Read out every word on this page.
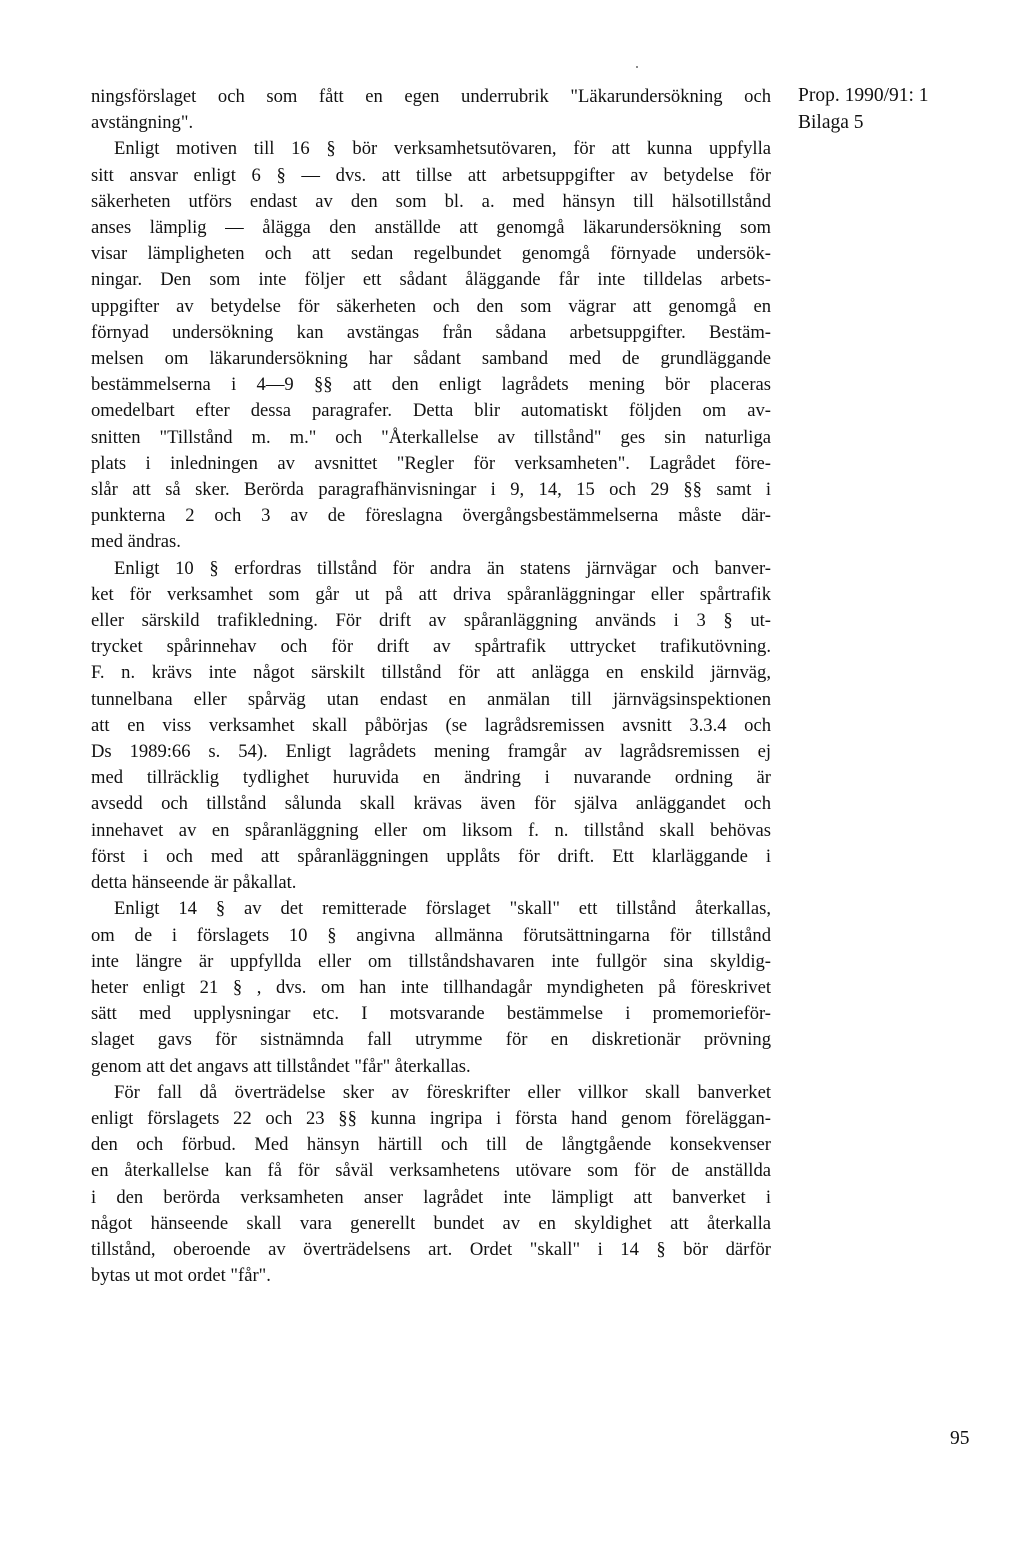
Prop. 1990/91: 1
Bilaga 5

ningsförslaget och som fått en egen underrubrik "Läkarundersökning och
avstängning".

Enligt motiven till 16 § bör verksamhetsutövaren, för att kunna uppfylla
sitt ansvar enligt 6 § — dvs. att tillse att arbetsuppgifter av betydelse för
säkerheten utförs endast av den som bl. a. med hänsyn till hälsotillstånd
anses lämplig — ålägga den anställde att genomgå läkarundersökning som
visar lämpligheten och att sedan regelbundet genomgå förnyade undersök-
ningar. Den som inte följer ett sådant åläggande får inte tilldelas arbets-
uppgifter av betydelse för säkerheten och den som vägrar att genomgå en
förnyad undersökning kan avstängas från sådana arbetsuppgifter. Bestäm-
melsen om läkarundersökning har sådant samband med de grundläggande
bestämmelserna i 4—9 §§ att den enligt lagrådets mening bör placeras
omedelbart efter dessa paragrafer. Detta blir automatiskt följden om av-
snitten "Tillstånd m. m." och "Återkallelse av tillstånd" ges sin naturliga
plats i inledningen av avsnittet "Regler för verksamheten". Lagrådet före-
slår att så sker. Berörda paragrafhänvisningar i 9, 14, 15 och 29 §§ samt i
punkterna 2 och 3 av de föreslagna övergångsbestämmelserna måste där-
med ändras.

Enligt 10 § erfordras tillstånd för andra än statens järnvägar och banver-
ket för verksamhet som går ut på att driva spåranläggningar eller spårtrafik
eller särskild trafikledning. För drift av spåranläggning används i 3 § ut-
trycket spårinnehav och för drift av spårtrafik uttrycket trafikutövning.
F. n. krävs inte något särskilt tillstånd för att anlägga en enskild järnväg,
tunnelbana eller spårväg utan endast en anmälan till järnvägsinspektionen
att en viss verksamhet skall påbörjas (se lagrådsremissen avsnitt 3.3.4 och
Ds 1989:66 s. 54). Enligt lagrådets mening framgår av lagrådsremissen ej
med tillräcklig tydlighet huruvida en ändring i nuvarande ordning är
avsedd och tillstånd sålunda skall krävas även för själva anläggandet och
innehavet av en spåranläggning eller om liksom f. n. tillstånd skall behövas
först i och med att spåranläggningen upplåts för drift. Ett klarläggande i
detta hänseende är påkallat.

Enligt 14 § av det remitterade förslaget "skall" ett tillstånd återkallas,
om de i förslagets 10 § angivna allmänna förutsättningarna för tillstånd
inte längre är uppfyllda eller om tillståndshavaren inte fullgör sina skyldig-
heter enligt 21 § , dvs. om han inte tillhandagår myndigheten på föreskrivet
sätt med upplysningar etc. I motsvarande bestämmelse i promemorieför-
slaget gavs för sistnämnda fall utrymme för en diskretionär prövning
genom att det angavs att tillståndet "får" återkallas.

För fall då överträdelse sker av föreskrifter eller villkor skall banverket
enligt förslagets 22 och 23 §§ kunna ingripa i första hand genom föreläggan-
den och förbud. Med hänsyn härtill och till de långtgående konsekvenser
en återkallelse kan få för såväl verksamhetens utövare som för de anställda
i den berörda verksamheten anser lagrådet inte lämpligt att banverket i
något hänseende skall vara generellt bundet av en skyldighet att återkalla
tillstånd, oberoende av överträdelsens art. Ordet "skall" i 14 § bör därför
bytas ut mot ordet "får".

95
